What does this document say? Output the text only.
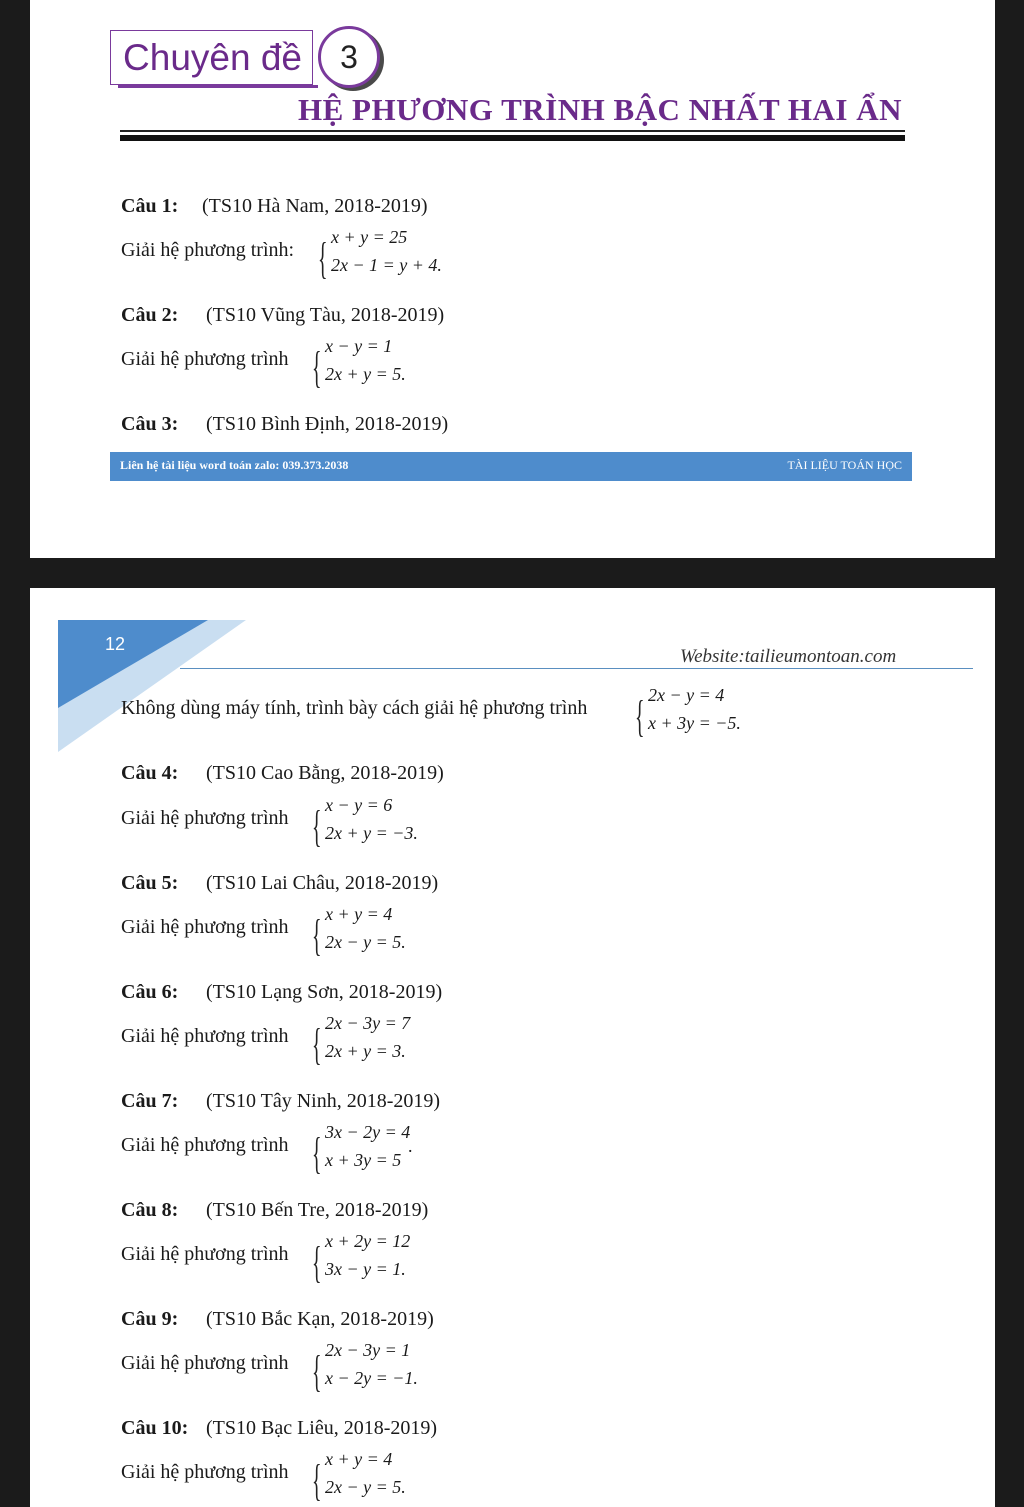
Chuyên đề	3
HỆ PHƯƠNG TRÌNH BẬC NHẤT HAI ẨN
Câu 1: (TS10 Hà Nam, 2018-2019)
Giải hệ phương trình: { x + y = 25
2x − 1 = y + 4.
Câu 2: (TS10 Vũng Tàu, 2018-2019)
Giải hệ phương trình { x − y = 1
2x + y = 5.
Câu 3: (TS10 Bình Định, 2018-2019)
Liên hệ tài liệu word toán zalo: 039.373.2038	TÀI LIỆU TOÁN HỌC
12
Website:tailieumontoan.com
Không dùng máy tính, trình bày cách giải hệ phương trình { 2x − y = 4
x + 3y = −5.
Câu 4: (TS10 Cao Bằng, 2018-2019)
Giải hệ phương trình { x − y = 6
2x + y = −3.
Câu 5: (TS10 Lai Châu, 2018-2019)
Giải hệ phương trình { x + y = 4
2x − y = 5.
Câu 6: (TS10 Lạng Sơn, 2018-2019)
Giải hệ phương trình { 2x − 3y = 7
2x + y = 3.
Câu 7: (TS10 Tây Ninh, 2018-2019)
Giải hệ phương trình { 3x − 2y = 4
x + 3y = 5
.
Câu 8: (TS10 Bến Tre, 2018-2019)
Giải hệ phương trình { x + 2y = 12
3x − y = 1.
Câu 9: (TS10 Bắc Kạn, 2018-2019)
Giải hệ phương trình { 2x − 3y = 1
x − 2y = −1.
Câu 10: (TS10 Bạc Liêu, 2018-2019)
Giải hệ phương trình { x + y = 4
2x − y = 5.
